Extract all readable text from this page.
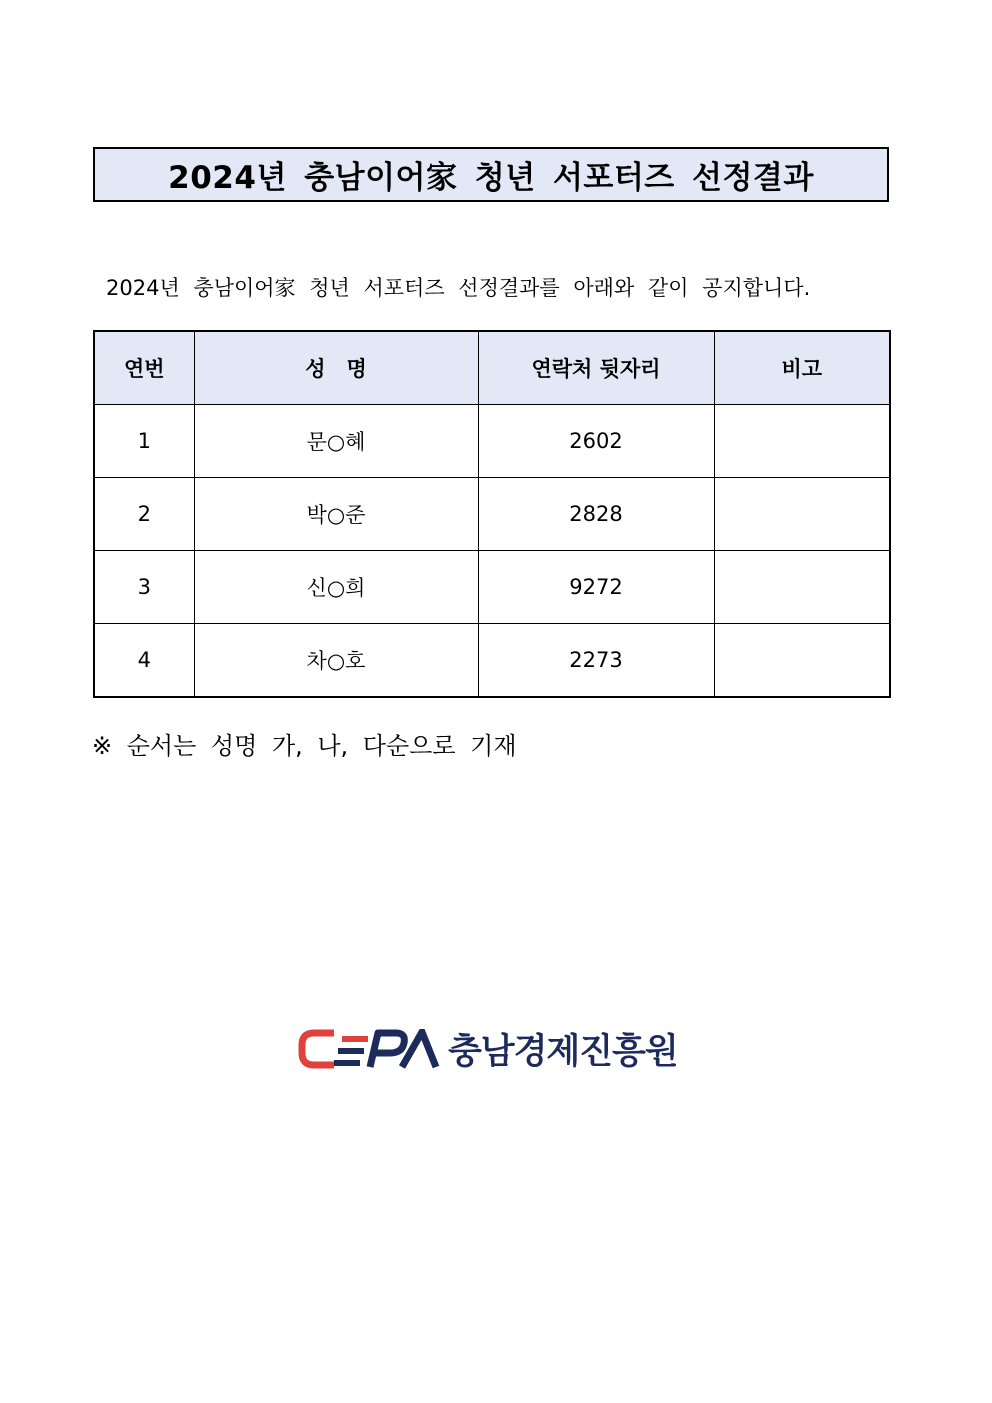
2024년 충남이어家 청년 서포터즈 선정결과
2024년 충남이어家 청년 서포터즈 선정결과를 아래와 같이 공지합니다.
연번	성　명	연락처 뒷자리	비고
1	문○혜	2602	
2	박○준	2828	
3	신○희	9272	
4	차○호	2273	
※ 순서는 성명 가, 나, 다순으로 기재
충남경제진흥원
